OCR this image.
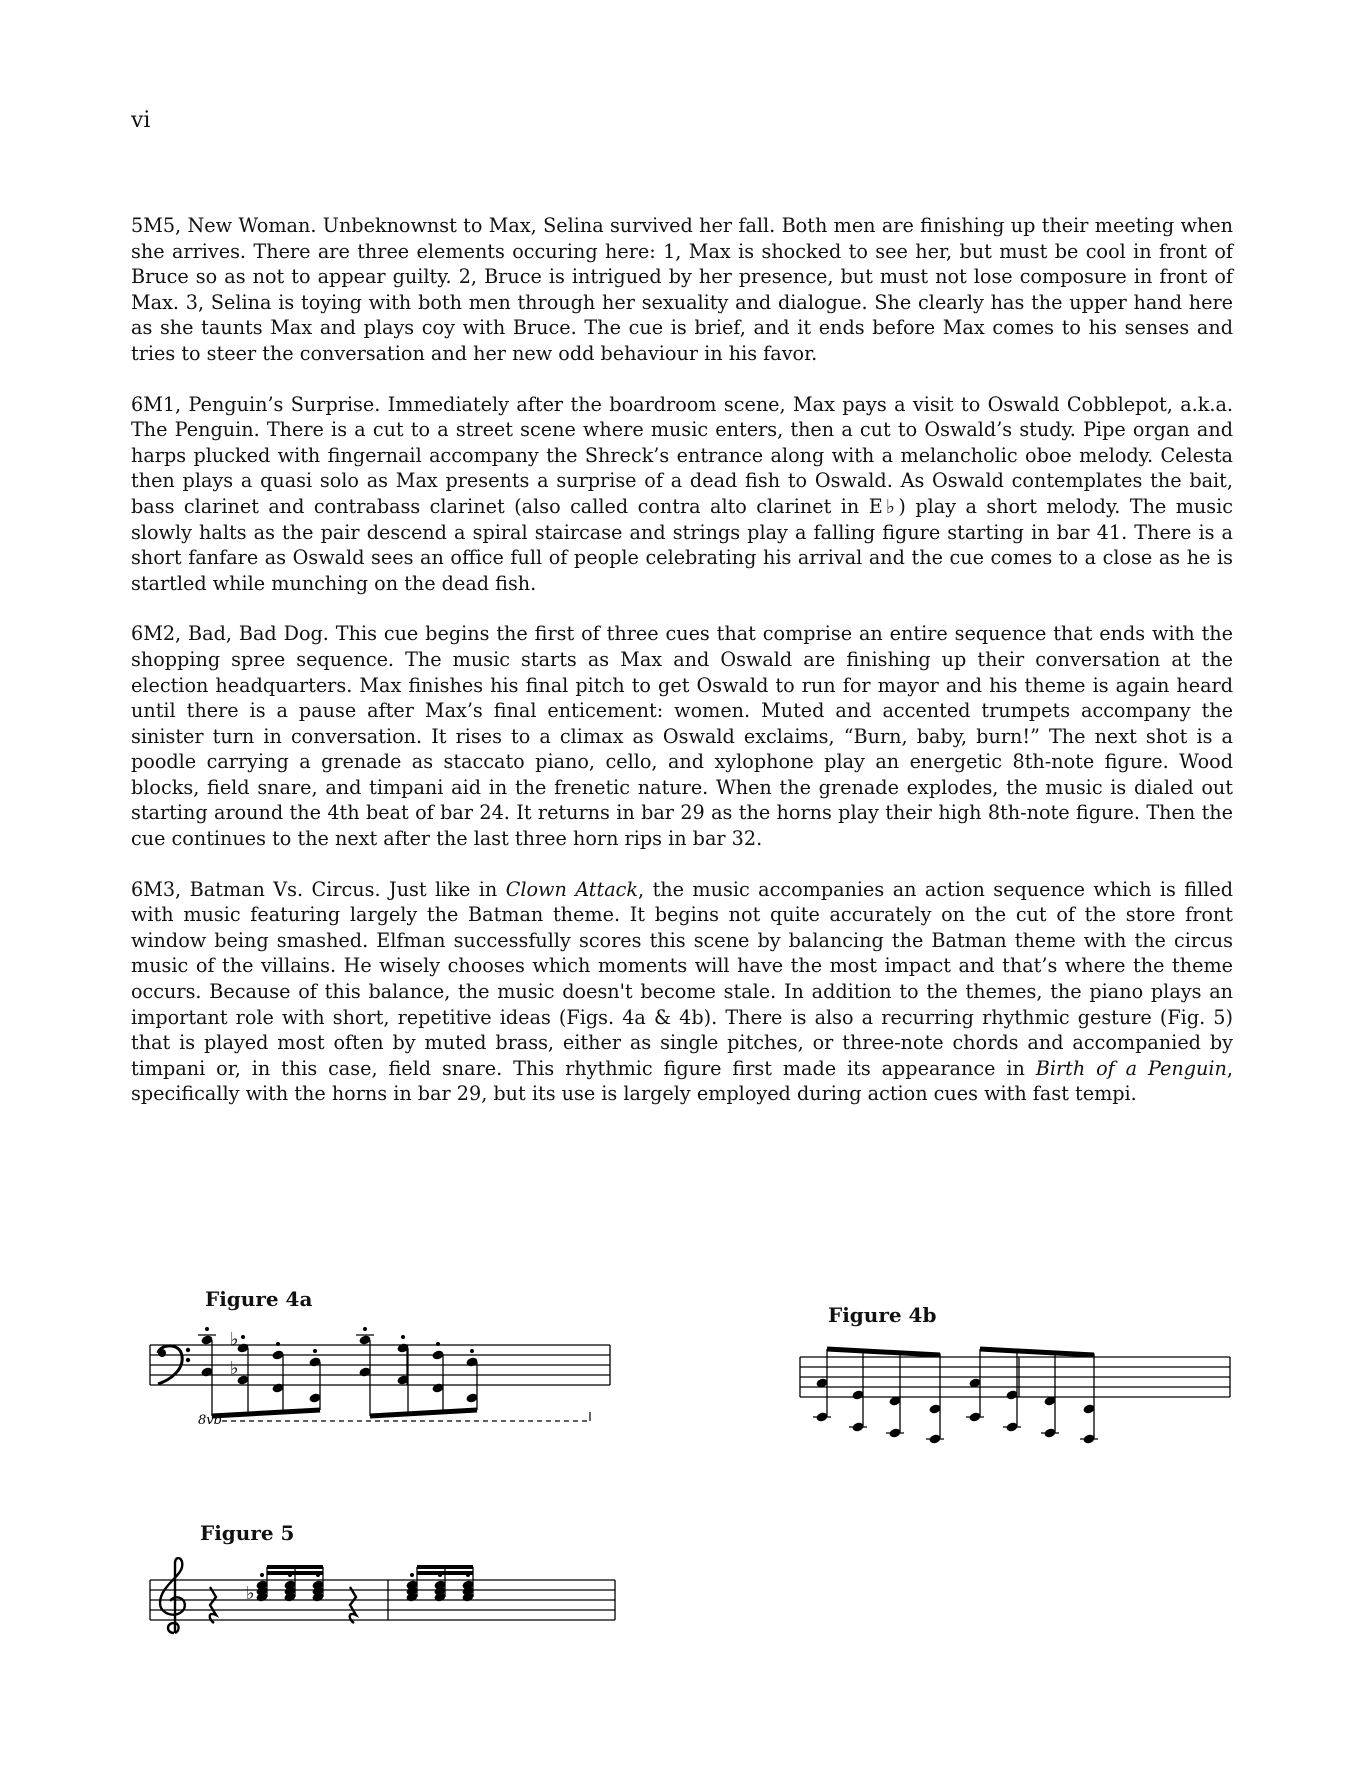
vi

5M5, New Woman. Unbeknownst to Max, Selina survived her fall. Both men are finishing up their meeting when she arrives. There are three elements occuring here: 1, Max is shocked to see her, but must be cool in front of Bruce so as not to appear guilty. 2, Bruce is intrigued by her presence, but must not lose composure in front of Max. 3, Selina is toying with both men through her sexuality and dialogue. She clearly has the upper hand here as she taunts Max and plays coy with Bruce. The cue is brief, and it ends before Max comes to his senses and tries to steer the conversation and her new odd behaviour in his favor.

6M1, Penguin’s Surprise. Immediately after the boardroom scene, Max pays a visit to Oswald Cobblepot, a.k.a. The Penguin. There is a cut to a street scene where music enters, then a cut to Oswald’s study. Pipe organ and harps plucked with fingernail accompany the Shreck’s entrance along with a melancholic oboe melody. Celesta then plays a quasi solo as Max presents a surprise of a dead fish to Oswald. As Oswald contemplates the bait, bass clarinet and contrabass clarinet (also called contra alto clarinet in E♭) play a short melody. The music slowly halts as the pair descend a spiral staircase and strings play a falling figure starting in bar 41. There is a short fanfare as Oswald sees an office full of people celebrating his arrival and the cue comes to a close as he is startled while munching on the dead fish.

6M2, Bad, Bad Dog. This cue begins the first of three cues that comprise an entire sequence that ends with the shopping spree sequence. The music starts as Max and Oswald are finishing up their conversation at the election headquarters. Max finishes his final pitch to get Oswald to run for mayor and his theme is again heard until there is a pause after Max’s final enticement: women. Muted and accented trumpets accompany the sinister turn in conversation. It rises to a climax as Oswald exclaims, “Burn, baby, burn!” The next shot is a poodle carrying a grenade as staccato piano, cello, and xylophone play an energetic 8th-note figure. Wood blocks, field snare, and timpani aid in the frenetic nature. When the grenade explodes, the music is dialed out starting around the 4th beat of bar 24. It returns in bar 29 as the horns play their high 8th-note figure. Then the cue continues to the next after the last three horn rips in bar 32.

6M3, Batman Vs. Circus. Just like in Clown Attack, the music accompanies an action sequence which is filled with music featuring largely the Batman theme. It begins not quite accurately on the cut of the store front window being smashed. Elfman successfully scores this scene by balancing the Batman theme with the circus music of the villains. He wisely chooses which moments will have the most impact and that’s where the theme occurs. Because of this balance, the music doesn't become stale. In addition to the themes, the piano plays an important role with short, repetitive ideas (Figs. 4a & 4b). There is also a recurring rhythmic gesture (Fig. 5) that is played most often by muted brass, either as single pitches, or three-note chords and accompanied by timpani or, in this case, field snare. This rhythmic figure first made its appearance in Birth of a Penguin, specifically with the horns in bar 29, but its use is largely employed during action cues with fast tempi.

Figure 4a
♭
♭
8vb
Figure 4b
Figure 5
♭
